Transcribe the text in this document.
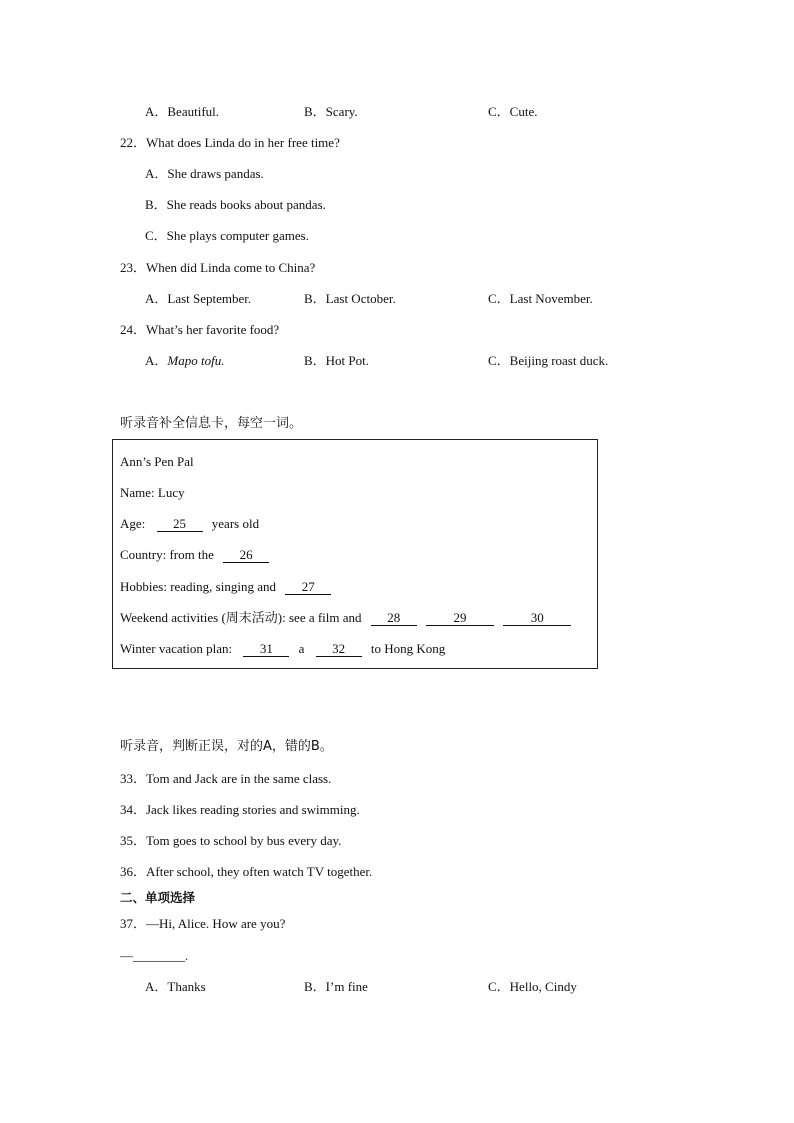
A．Beautiful.	B．Scary.	C．Cute.
22．What does Linda do in her free time?
A．She draws pandas.
B．She reads books about pandas.
C．She plays computer games.
23．When did Linda come to China?
A．Last September.	B．Last October.	C．Last November.
24．What’s her favorite food?
A．Mapo tofu.	B．Hot Pot.	C．Beijing roast duck.
听录音补全信息卡，每空一词。
Ann’s Pen Pal
Name: Lucy
Age: 25 years old
Country: from the 26
Hobbies: reading, singing and 27
Weekend activities (周末活动): see a film and 28	29	30
Winter vacation plan: 31 a 32 to Hong Kong
听录音，判断正误，对的A，错的B。
33．Tom and Jack are in the same class.
34．Jack likes reading stories and swimming.
35．Tom goes to school by bus every day.
36．After school, they often watch TV together.
二、单项选择
37．—Hi, Alice. How are you?
—________.
A．Thanks	B．I’m fine	C．Hello, Cindy
